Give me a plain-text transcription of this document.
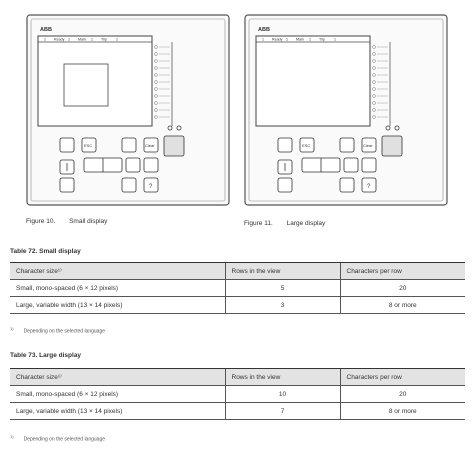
ABB
1 Ready 1 Main 1 Trip 1
ESC	Clear
?
ABB
1 Ready 1 Main 1 Trip 1
ESC	Clear
?
Figure 10. Small display	Figure 11. Large display
Table 72. Small display
Character size¹⁾	Rows in the view	Characters per row
Small, mono-spaced (6 × 12 pixels)	5	20
Large, variable width (13 × 14 pixels)	3	8 or more
$^{1)}$Depending on the selected language
Table 73. Large display
Character size¹⁾	Rows in the view	Characters per row
Small, mono-spaced (6 × 12 pixels)	10	20
Large, variable width (13 × 14 pixels)	7	8 or more
$^{1)}$Depending on the selected language
